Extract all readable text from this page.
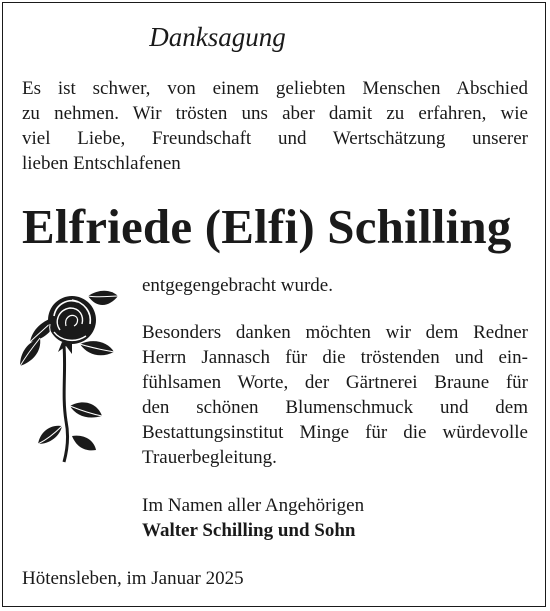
Danksagung
Es ist schwer, von einem geliebten Menschen Abschied
zu nehmen. Wir trösten uns aber damit zu erfahren, wie
viel Liebe, Freundschaft und Wertschätzung unserer
lieben Entschlafenen
Elfriede (Elfi) Schilling
entgegengebracht wurde.
Besonders danken möchten wir dem Redner
Herrn Jannasch für die tröstenden und ein-
fühlsamen Worte, der Gärtnerei Braune für
den schönen Blumenschmuck und dem
Bestattungsinstitut Minge für die würdevolle
Trauerbegleitung.
Im Namen aller Angehörigen
Walter Schilling und Sohn
Hötensleben, im Januar 2025
